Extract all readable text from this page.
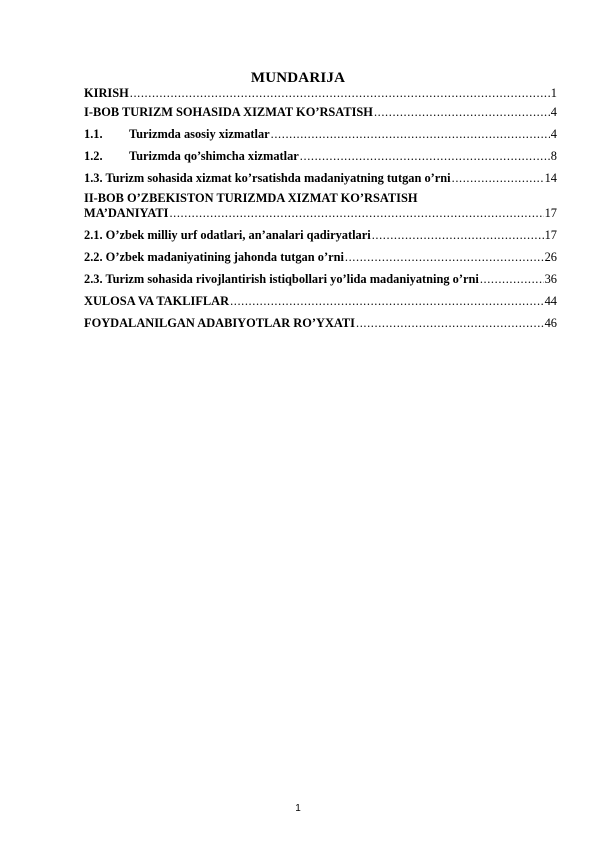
MUNDARIJA
KIRISH .....	1
I-BOB TURIZM SOHASIDA XIZMAT KO’RSATISH .....	4
1.1. Turizmda asosiy xizmatlar .....	4
1.2. Turizmda qo’shimcha xizmatlar .....	8
1.3. Turizm sohasida xizmat ko’rsatishda madaniyatning tutgan o’rni .....	14
II-BOB O’ZBEKISTON TURIZMDA XIZMAT KO’RSATISH
MA’DANIYATI .....	17
2.1. O’zbek milliy urf odatlari, an’analari qadiryatlari .....	17
2.2. O’zbek madaniyatining jahonda tutgan o’rni .....	26
2.3. Turizm sohasida rivojlantirish istiqbollari yo’lida madaniyatning o’rni .....	36
XULOSA VA TAKLIFLAR .....	44
FOYDALANILGAN ADABIYOTLAR RO’YXATI .....	46
1
